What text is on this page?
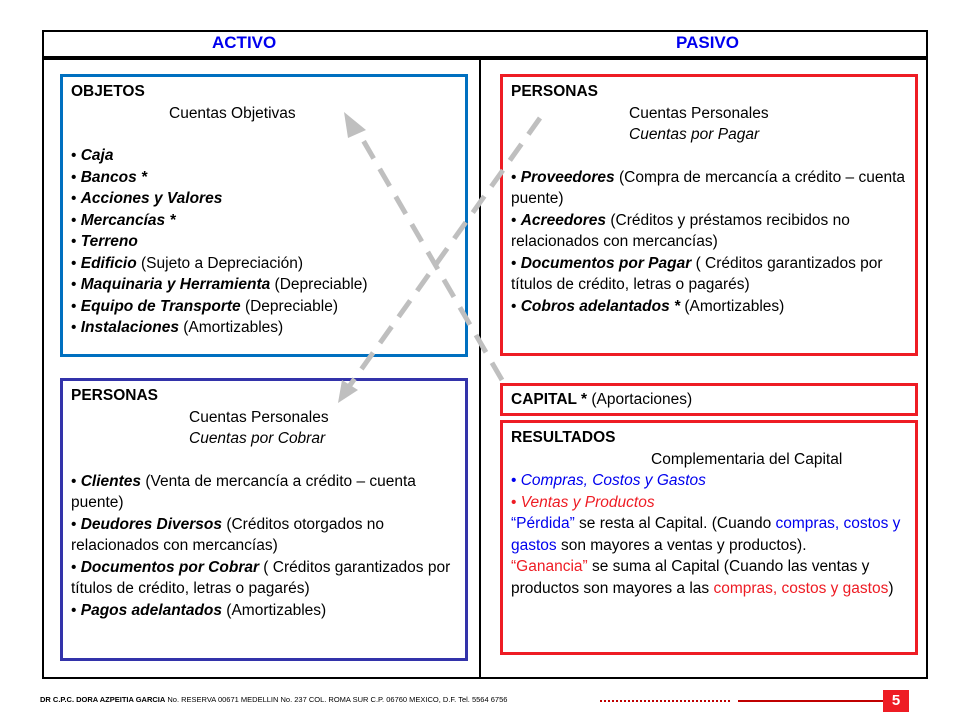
ACTIVO	PASIVO
OBJETOS
Cuentas Objetivas
• Caja
• Bancos *
• Acciones y Valores
• Mercancías *
• Terreno
• Edificio (Sujeto a Depreciación)
• Maquinaria y Herramienta (Depreciable)
• Equipo de Transporte (Depreciable)
• Instalaciones (Amortizables)
PERSONAS
Cuentas Personales
Cuentas por Cobrar
• Clientes (Venta de mercancía a crédito – cuenta puente)
• Deudores Diversos (Créditos otorgados no relacionados con mercancías)
• Documentos por Cobrar ( Créditos garantizados por títulos de crédito, letras o pagarés)
• Pagos adelantados (Amortizables)
PERSONAS
Cuentas Personales
Cuentas por Pagar
• Proveedores (Compra de mercancía a crédito – cuenta puente)
• Acreedores (Créditos y préstamos recibidos no relacionados con mercancías)
• Documentos por Pagar ( Créditos garantizados por títulos de crédito, letras o pagarés)
• Cobros adelantados * (Amortizables)
CAPITAL * (Aportaciones)
RESULTADOS
Complementaria del Capital
• Compras, Costos y Gastos
• Ventas y Productos
“Pérdida” se resta al Capital. (Cuando compras, costos y gastos son mayores a ventas y productos).
“Ganancia” se suma al Capital (Cuando las ventas y productos son mayores a las compras, costos y gastos)
DR C.P.C. DORA AZPEITIA GARCIA No. RESERVA 00671 MEDELLIN No. 237 COL. ROMA SUR C.P. 06760 MEXICO, D.F. Tel. 5564 6756	5
